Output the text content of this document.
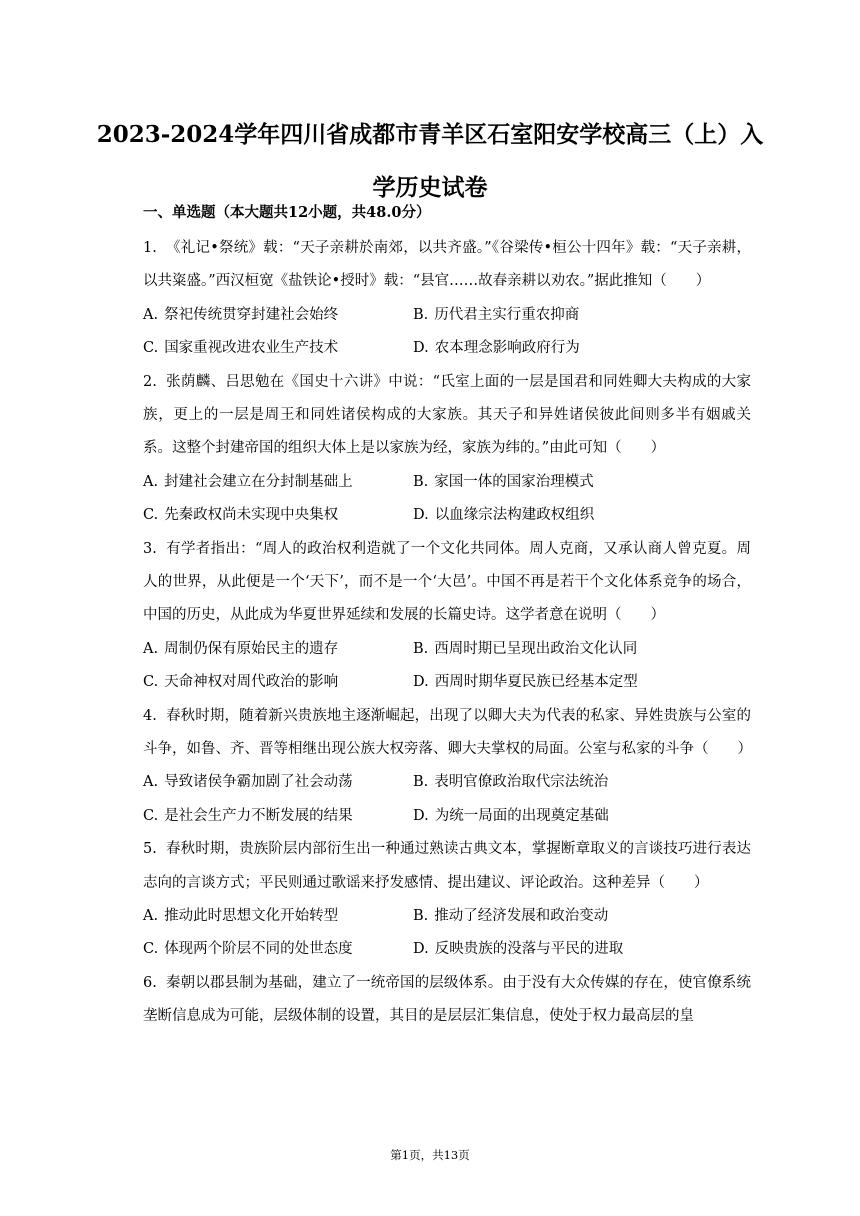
2023-2024学年四川省成都市青羊区石室阳安学校高三（上）入学历史试卷
一、单选题（本大题共12小题，共48.0分）

1. 《礼记•祭统》载：“天子亲耕於南郊，以共齐盛。”《谷梁传•桓公十四年》载：“天子亲耕，以共粢盛。”西汉桓宽《盐铁论•授时》载：“县官……故春亲耕以劝农。”据此推知（　　）

A. 祭祀传统贯穿封建社会始终	B. 历代君主实行重农抑商
C. 国家重视改进农业生产技术	D. 农本理念影响政府行为

2. 张荫麟、吕思勉在《国史十六讲》中说：“氏室上面的一层是国君和同姓卿大夫构成的大家族，更上的一层是周王和同姓诸侯构成的大家族。其天子和异姓诸侯彼此间则多半有姻戚关系。这整个封建帝国的组织大体上是以家族为经，家族为纬的。”由此可知（　　）

A. 封建社会建立在分封制基础上	B. 家国一体的国家治理模式
C. 先秦政权尚未实现中央集权	D. 以血缘宗法构建政权组织

3. 有学者指出：“周人的政治权利造就了一个文化共同体。周人克商，又承认商人曾克夏。周人的世界，从此便是一个‘天下’，而不是一个‘大邑’。中国不再是若干个文化体系竞争的场合，中国的历史，从此成为华夏世界延续和发展的长篇史诗。这学者意在说明（　　）

A. 周制仍保有原始民主的遗存	B. 西周时期已呈现出政治文化认同
C. 天命神权对周代政治的影响	D. 西周时期华夏民族已经基本定型

4. 春秋时期，随着新兴贵族地主逐渐崛起，出现了以卿大夫为代表的私家、异姓贵族与公室的斗争，如鲁、齐、晋等相继出现公族大权旁落、卿大夫掌权的局面。公室与私家的斗争（　　）

A. 导致诸侯争霸加剧了社会动荡	B. 表明官僚政治取代宗法统治
C. 是社会生产力不断发展的结果	D. 为统一局面的出现奠定基础

5. 春秋时期，贵族阶层内部衍生出一种通过熟读古典文本，掌握断章取义的言谈技巧进行表达志向的言谈方式；平民则通过歌谣来抒发感情、提出建议、评论政治。这种差异（　　）

A. 推动此时思想文化开始转型	B. 推动了经济发展和政治变动
C. 体现两个阶层不同的处世态度	D. 反映贵族的没落与平民的进取

6. 秦朝以郡县制为基础，建立了一统帝国的层级体系。由于没有大众传媒的存在，使官僚系统垄断信息成为可能，层级体制的设置，其目的是层层汇集信息，使处于权力最高层的皇

第1页，共13页
